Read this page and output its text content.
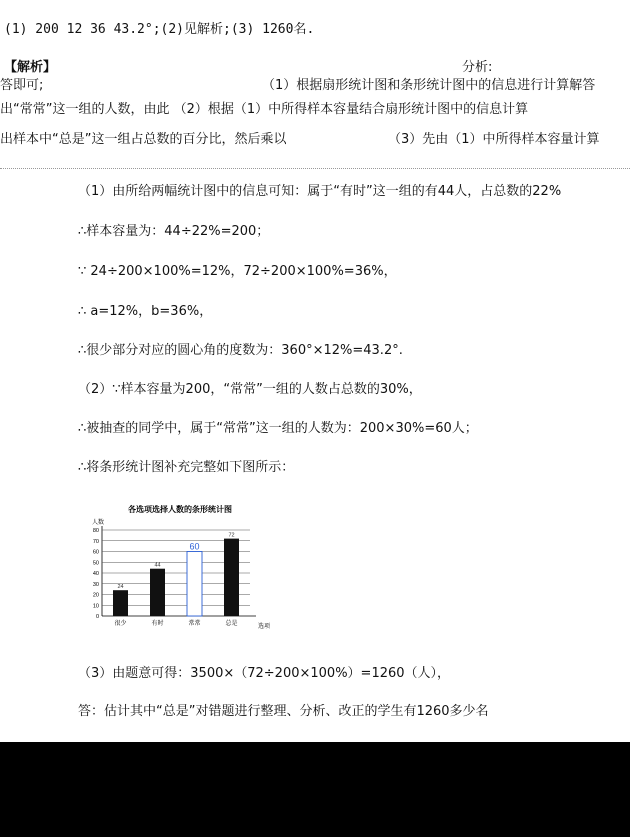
(1) 200 12 36 43.2°;(2)见解析;(3) 1260名.
【解析】	分析:
答即可;	（1）根据扇形统计图和条形统计图中的信息进行计算解答
出“常常”这一组的人数，由此 （2）根据（1）中所得样本容量结合扇形统计图中的信息计算
出样本中“总是”这一组占总数的百分比，然后乘以	（3）先由（1）中所得样本容量计算
（1）由所给两幅统计图中的信息可知：属于“有时”这一组的有44人，占总数的22%
∴样本容量为：44÷22%=200；
∵ 24÷200×100%=12%，72÷200×100%=36%，
∴ a=12%，b=36%，
∴很少部分对应的圆心角的度数为：360°×12%=43.2°.
（2）∵样本容量为200，“常常”一组的人数占总数的30%，
∴被抽查的同学中，属于“常常”这一组的人数为：200×30%=60人；
∴将条形统计图补充完整如下图所示：
各选项选择人数的条形统计图
人数
选项
0
10
20
30
40
50
60
70
80
24
很少
44
有时
60
常常
72
总是
（3）由题意可得：3500×（72÷200×100%）=1260（人），
答：估计其中“总是”对错题进行整理、分析、改正的学生有1260多少名
